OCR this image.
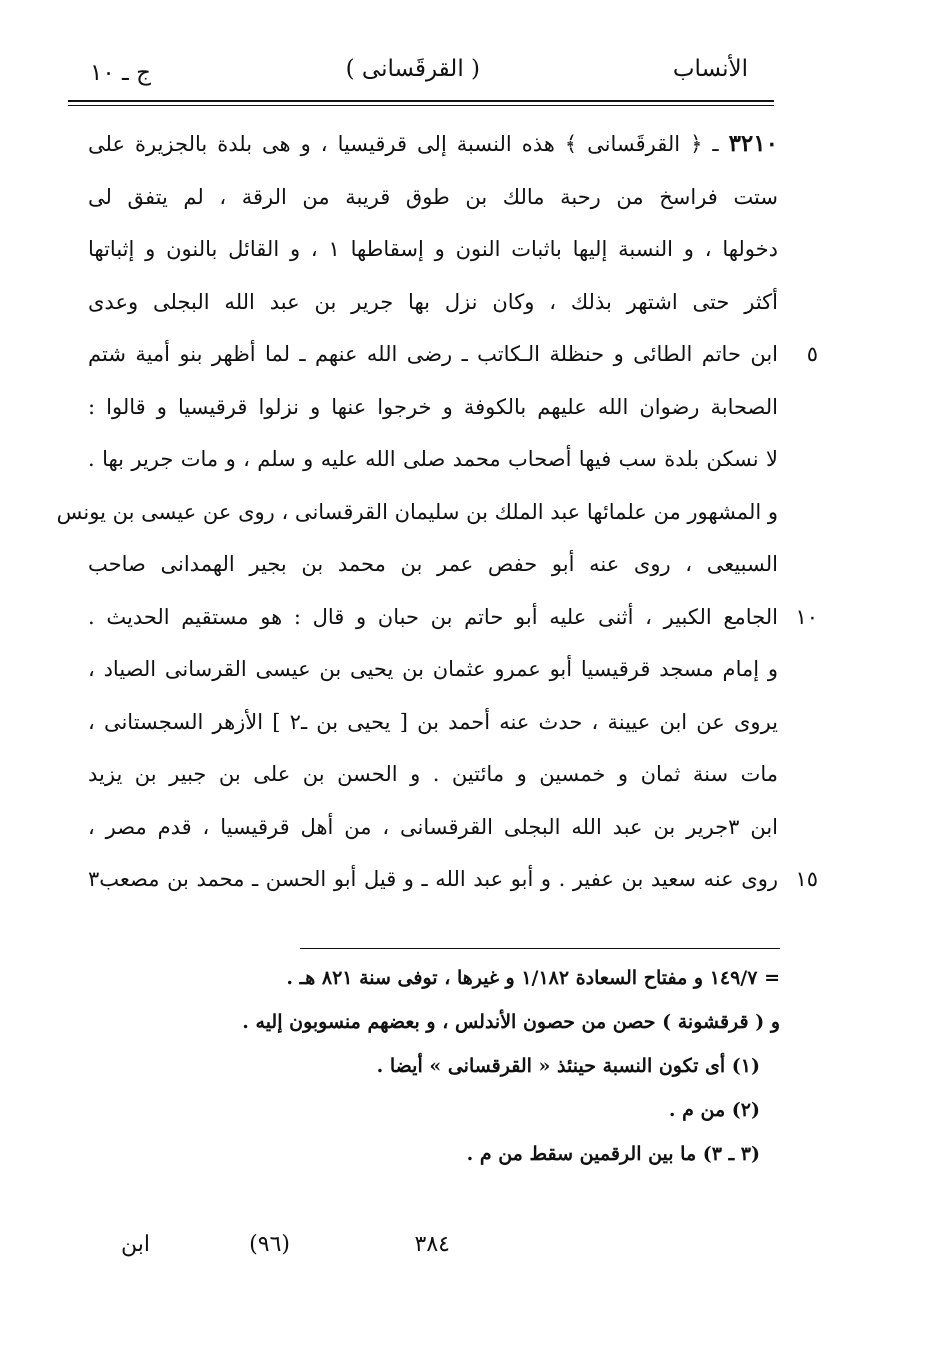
الأنساب
( القرقَسانى )
ج ـ ١٠
٣٢١٠ ـ ﴿ القرقَسانى ﴾ هذه النسبة إلى قرقيسيا ، و هى بلدة بالجزيرة على
ستت فراسخ من رحبة مالك بن طوق قريبة من الرقة ، لم يتفق لى
دخولها ، و النسبة إليها باثبات النون و إسقاطها ١ ، و القائل بالنون و إثباتها
أكثر حتى اشتهر بذلك ، وكان نزل بها جرير بن عبد الله البجلى وعدى
٥
ابن حاتم الطائى و حنظلة الـكاتب ـ رضى الله عنهم ـ لما أظهر بنو أمية شتم
الصحابة رضوان الله عليهم بالكوفة و خرجوا عنها و نزلوا قرقيسيا و قالوا :
لا نسكن بلدة سب فيها أصحاب محمد صلى الله عليه و سلم ، و مات جرير بها .
و المشهور من علمائها عبد الملك بن سليمان القرقسانى ، روى عن عيسى بن يونس
السبيعى ، روى عنه أبو حفص عمر بن محمد بن بجير الهمدانى صاحب
١٠
الجامع الكبير ، أثنى عليه أبو حاتم بن حبان و قال : هو مستقيم الحديث .
و إمام مسجد قرقيسيا أبو عمرو عثمان بن يحيى بن عيسى القرسانى الصياد ،
يروى عن ابن عيينة ، حدث عنه أحمد بن [ يحيى بن ـ٢ ] الأزهر السجستانى ،
مات سنة ثمان و خمسين و مائتين . و الحسن بن على بن جبير بن يزيد
ابن ٣جرير بن عبد الله البجلى القرقسانى ، من أهل قرقيسيا ، قدم مصر ،
١٥
روى عنه سعيد بن عفير . و أبو عبد الله ـ و قيل أبو الحسن ـ محمد بن مصعب٣
= ١٤٩/٧ و مفتاح السعادة ١/١٨٢ و غيرها ، توفى سنة ٨٢١ هـ .
و ( قرقشونة ) حصن من حصون الأندلس ، و بعضهم منسوبون إليه .
(١) أى تكون النسبة حينئذ « القرقسانى » أيضا .
(٢) من م .
(٣ ـ ٣) ما بين الرقمين سقط من م .
٣٨٤
(٩٦)
ابن
